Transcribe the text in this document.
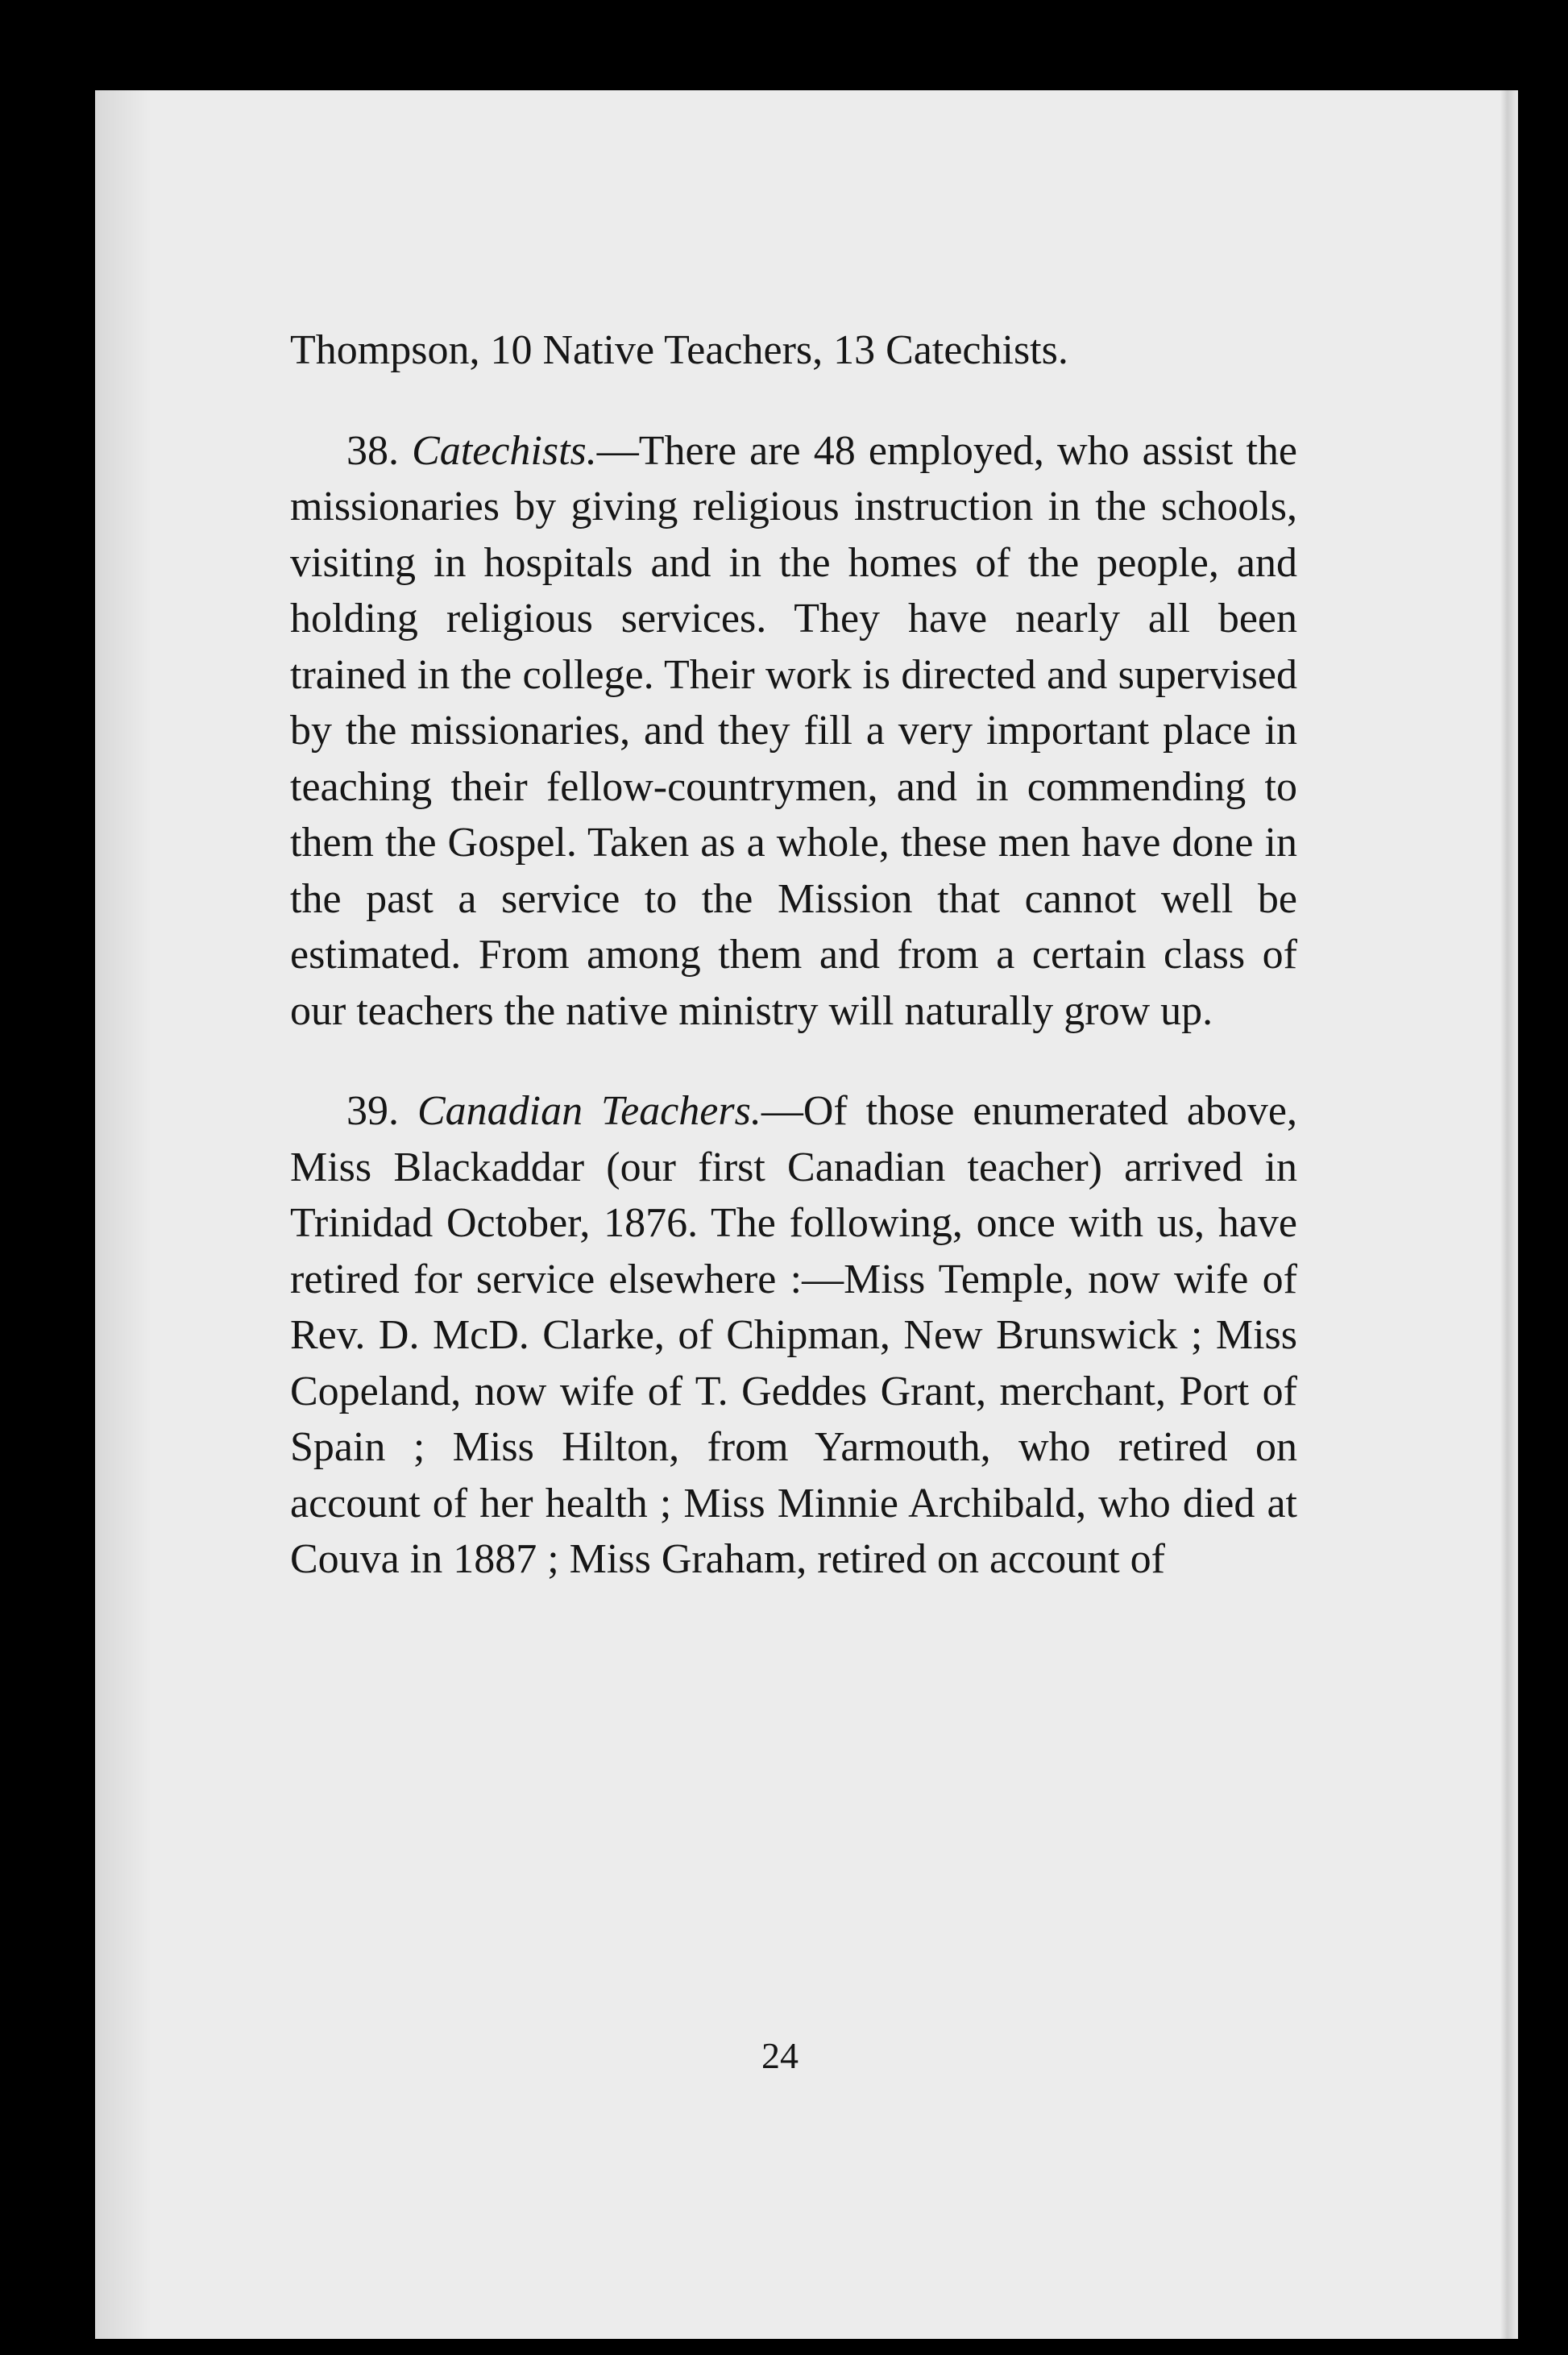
Thompson, 10 Native Teachers, 13 Catechists.

38. Catechists.—There are 48 employed, who assist the missionaries by giving religious instruction in the schools, visiting in hospitals and in the homes of the people, and holding religious services. They have nearly all been trained in the college. Their work is directed and supervised by the missionaries, and they fill a very important place in teaching their fellow-countrymen, and in commending to them the Gospel. Taken as a whole, these men have done in the past a service to the Mission that cannot well be estimated. From among them and from a certain class of our teachers the native ministry will naturally grow up.

39. Canadian Teachers.—Of those enumerated above, Miss Blackaddar (our first Canadian teacher) arrived in Trinidad October, 1876. The following, once with us, have retired for service elsewhere :—Miss Temple, now wife of Rev. D. McD. Clarke, of Chipman, New Brunswick ; Miss Copeland, now wife of T. Geddes Grant, merchant, Port of Spain ; Miss Hilton, from Yarmouth, who retired on account of her health ; Miss Minnie Archibald, who died at Couva in 1887 ; Miss Graham, retired on account of

24
